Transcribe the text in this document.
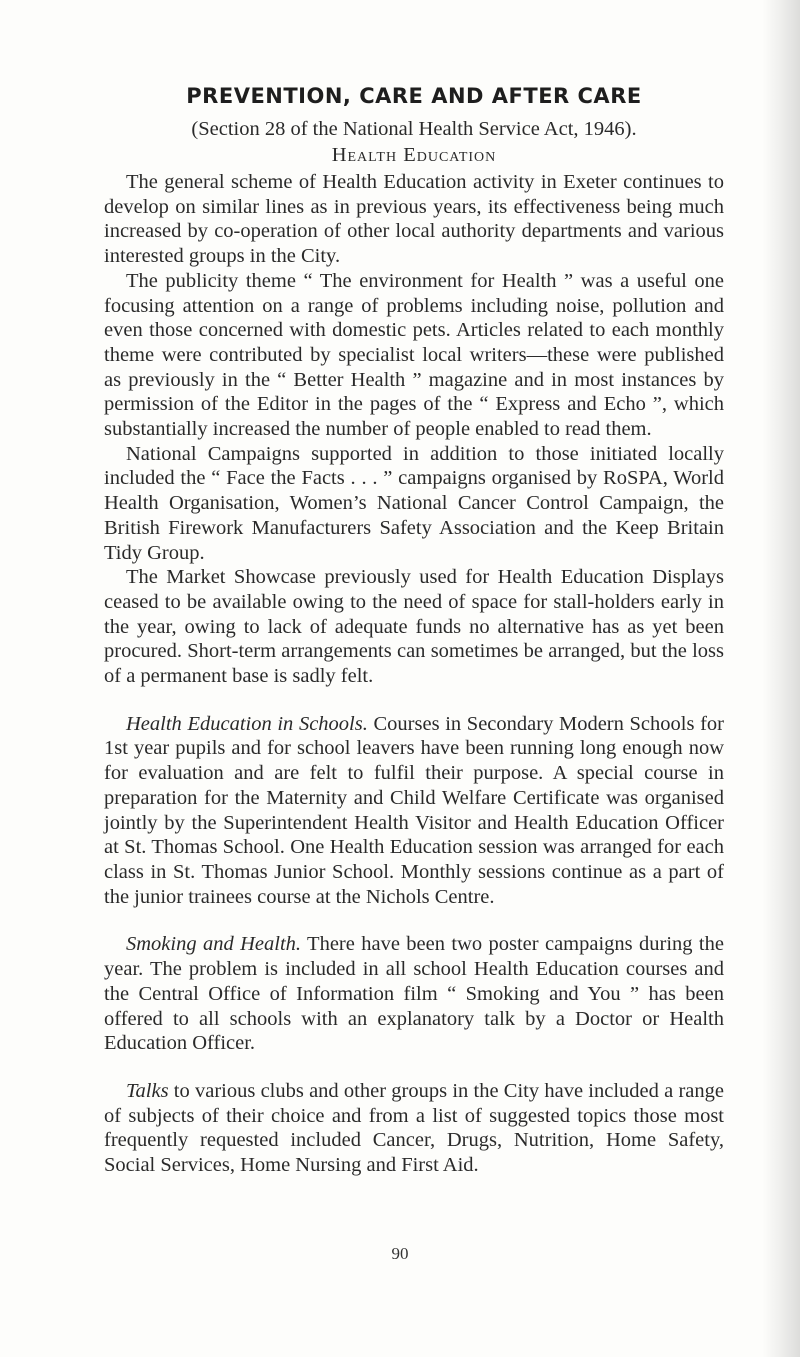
PREVENTION, CARE AND AFTER CARE
(Section 28 of the National Health Service Act, 1946).
Health Education

The general scheme of Health Education activity in Exeter continues to develop on similar lines as in previous years, its effectiveness being much increased by co-operation of other local authority departments and various interested groups in the City.

The publicity theme “ The environment for Health ” was a useful one focusing attention on a range of problems including noise, pollution and even those concerned with domestic pets. Articles related to each monthly theme were contributed by specialist local writers—these were published as previously in the “ Better Health ” magazine and in most instances by permission of the Editor in the pages of the “ Express and Echo ”, which substantially increased the number of people enabled to read them.

National Campaigns supported in addition to those initiated locally included the “ Face the Facts . . . ” campaigns organised by RoSPA, World Health Organisation, Women’s National Cancer Control Campaign, the British Firework Manufacturers Safety Association and the Keep Britain Tidy Group.

The Market Showcase previously used for Health Education Displays ceased to be available owing to the need of space for stall-holders early in the year, owing to lack of adequate funds no alternative has as yet been procured. Short-term arrangements can sometimes be arranged, but the loss of a permanent base is sadly felt.

Health Education in Schools. Courses in Secondary Modern Schools for 1st year pupils and for school leavers have been running long enough now for evaluation and are felt to fulfil their purpose. A special course in preparation for the Maternity and Child Welfare Certificate was organised jointly by the Superintendent Health Visitor and Health Education Officer at St. Thomas School. One Health Education session was arranged for each class in St. Thomas Junior School. Monthly sessions continue as a part of the junior trainees course at the Nichols Centre.

Smoking and Health. There have been two poster campaigns during the year. The problem is included in all school Health Education courses and the Central Office of Information film “ Smoking and You ” has been offered to all schools with an explanatory talk by a Doctor or Health Education Officer.

Talks to various clubs and other groups in the City have included a range of subjects of their choice and from a list of suggested topics those most frequently requested included Cancer, Drugs, Nutrition, Home Safety, Social Services, Home Nursing and First Aid.

90
